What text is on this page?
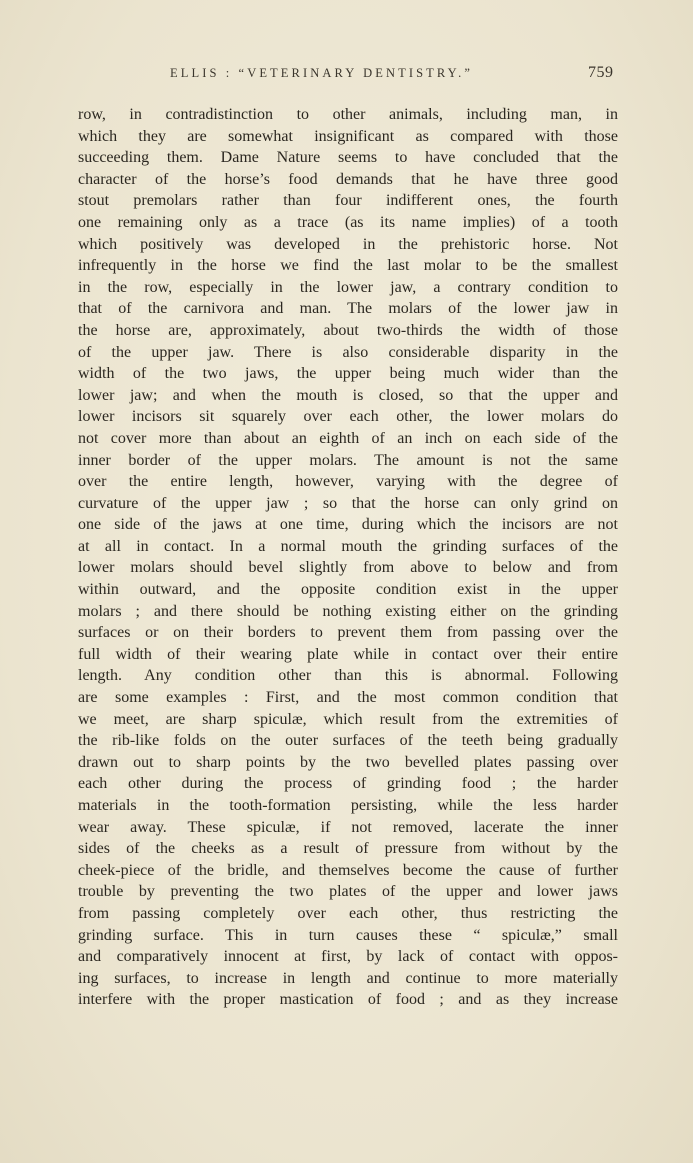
ELLIS : “VETERINARY DENTISTRY.”	759
row, in contradistinction to other animals, including man, in
which they are somewhat insignificant as compared with those
succeeding them. Dame Nature seems to have concluded that the
character of the horse’s food demands that he have three good
stout premolars rather than four indifferent ones, the fourth
one remaining only as a trace (as its name implies) of a tooth
which positively was developed in the prehistoric horse. Not
infrequently in the horse we find the last molar to be the smallest
in the row, especially in the lower jaw, a contrary condition to
that of the carnivora and man. The molars of the lower jaw in
the horse are, approximately, about two-thirds the width of those
of the upper jaw. There is also considerable disparity in the
width of the two jaws, the upper being much wider than the
lower jaw; and when the mouth is closed, so that the upper and
lower incisors sit squarely over each other, the lower molars do
not cover more than about an eighth of an inch on each side of the
inner border of the upper molars. The amount is not the same
over the entire length, however, varying with the degree of
curvature of the upper jaw ; so that the horse can only grind on
one side of the jaws at one time, during which the incisors are not
at all in contact. In a normal mouth the grinding surfaces of the
lower molars should bevel slightly from above to below and from
within outward, and the opposite condition exist in the upper
molars ; and there should be nothing existing either on the grinding
surfaces or on their borders to prevent them from passing over the
full width of their wearing plate while in contact over their entire
length. Any condition other than this is abnormal. Following
are some examples : First, and the most common condition that
we meet, are sharp spiculæ, which result from the extremities of
the rib-like folds on the outer surfaces of the teeth being gradually
drawn out to sharp points by the two bevelled plates passing over
each other during the process of grinding food ; the harder
materials in the tooth-formation persisting, while the less harder
wear away. These spiculæ, if not removed, lacerate the inner
sides of the cheeks as a result of pressure from without by the
cheek-piece of the bridle, and themselves become the cause of further
trouble by preventing the two plates of the upper and lower jaws
from passing completely over each other, thus restricting the
grinding surface. This in turn causes these “ spiculæ,” small
and comparatively innocent at first, by lack of contact with oppos-
ing surfaces, to increase in length and continue to more materially
interfere with the proper mastication of food ; and as they increase
